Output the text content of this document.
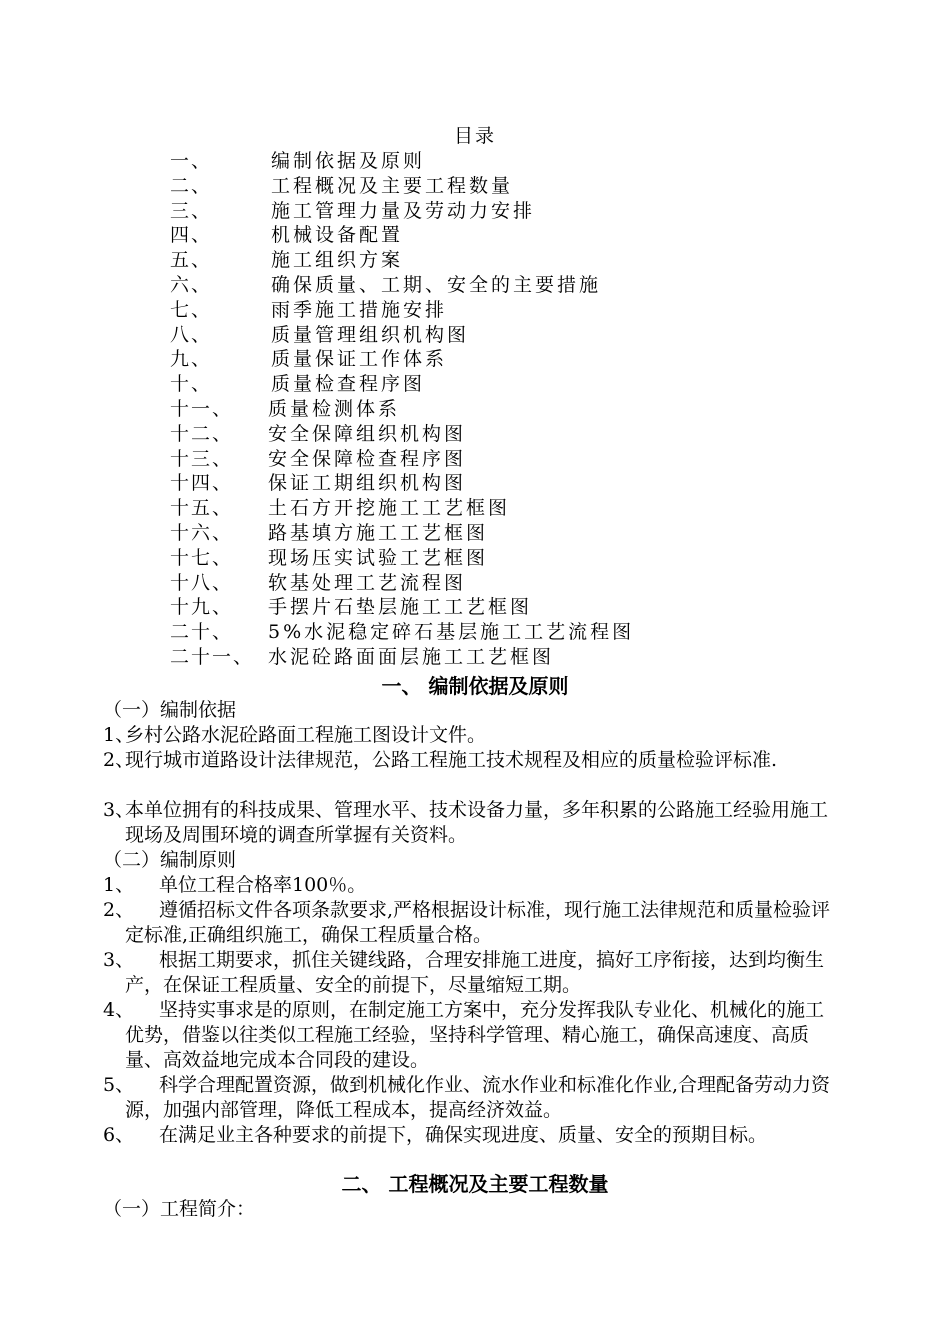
目录
一、	编制依据及原则
二、	工程概况及主要工程数量
三、	施工管理力量及劳动力安排
四、	机械设备配置
五、	施工组织方案
六、	确保质量、工期、安全的主要措施
七、	雨季施工措施安排
八、	质量管理组织机构图
九、	质量保证工作体系
十、	质量检查程序图
十一、 质量检测体系
十二、 安全保障组织机构图
十三、 安全保障检查程序图
十四、 保证工期组织机构图
十五、 土石方开挖施工工艺框图
十六、 路基填方施工工艺框图
十七、 现场压实试验工艺框图
十八、 软基处理工艺流程图
十九、 手摆片石垫层施工工艺框图
二十、 5%水泥稳定碎石基层施工工艺流程图
二十一、 水泥砼路面面层施工工艺框图
一、 编制依据及原则
（一）编制依据
1、
乡村公路水泥砼路面工程施工图设计文件。
2、
现行城市道路设计法律规范，公路工程施工技术规程及相应的质量检验评标准.
3、
本单位拥有的科技成果、管理水平、技术设备力量，多年积累的公路施工经验用施工现场及周围环境的调查所掌握有关资料。
（二）编制原则
1、	单位工程合格率100％。
2、	遵循招标文件各项条款要求,严格根据设计标准，现行施工法律规范和质量检验评定标准,正确组织施工，确保工程质量合格。
3、	根据工期要求，抓住关键线路，合理安排施工进度，搞好工序衔接，达到均衡生产，在保证工程质量、安全的前提下，尽量缩短工期。
4、	坚持实事求是的原则，在制定施工方案中，充分发挥我队专业化、机械化的施工优势，借鉴以往类似工程施工经验，坚持科学管理、精心施工，确保高速度、高质量、高效益地完成本合同段的建设。
5、	科学合理配置资源，做到机械化作业、流水作业和标准化作业,合理配备劳动力资源，加强内部管理，降低工程成本，提高经济效益。
6、	在满足业主各种要求的前提下，确保实现进度、质量、安全的预期目标。
二、 工程概况及主要工程数量
（一）工程简介：
